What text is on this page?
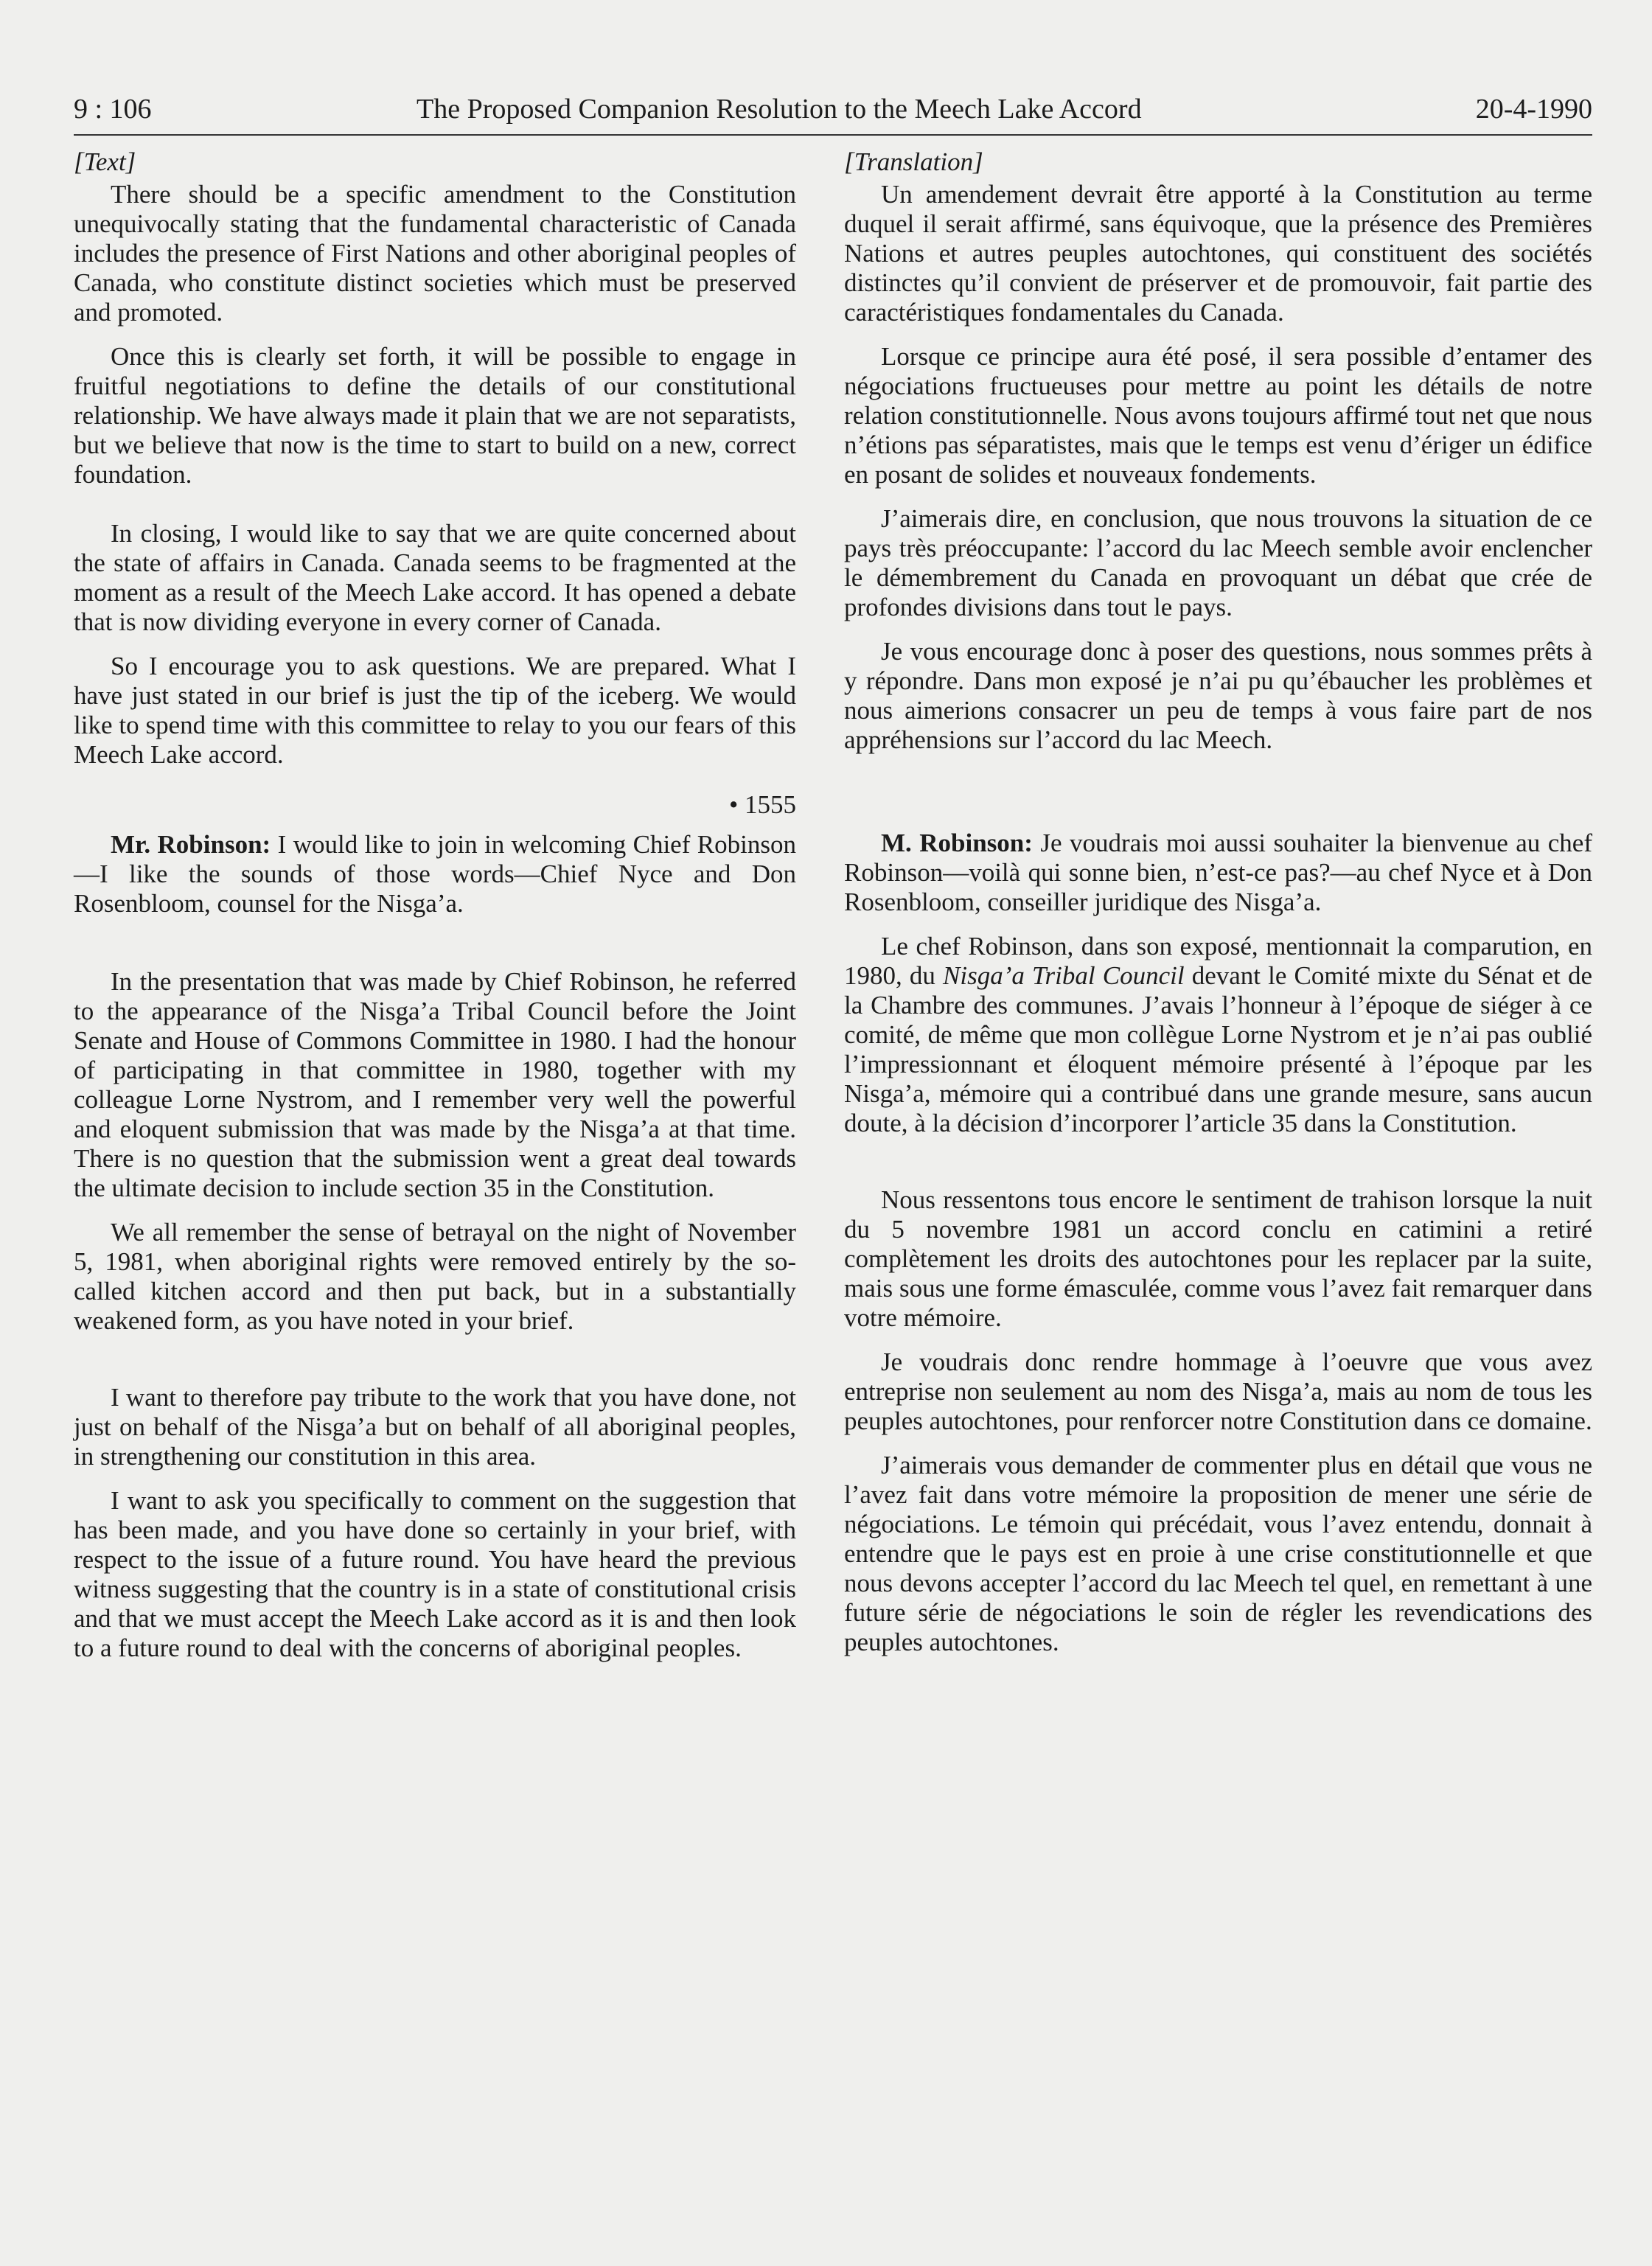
9 : 106	The Proposed Companion Resolution to the Meech Lake Accord	20-4-1990

[Text]

There should be a specific amendment to the Constitution unequivocally stating that the fundamental characteristic of Canada includes the presence of First Nations and other aboriginal peoples of Canada, who constitute distinct societies which must be preserved and promoted.

Once this is clearly set forth, it will be possible to engage in fruitful negotiations to define the details of our constitutional relationship. We have always made it plain that we are not separatists, but we believe that now is the time to start to build on a new, correct foundation.

In closing, I would like to say that we are quite concerned about the state of affairs in Canada. Canada seems to be fragmented at the moment as a result of the Meech Lake accord. It has opened a debate that is now dividing everyone in every corner of Canada.

So I encourage you to ask questions. We are prepared. What I have just stated in our brief is just the tip of the iceberg. We would like to spend time with this committee to relay to you our fears of this Meech Lake accord.

• 1555

Mr. Robinson: I would like to join in welcoming Chief Robinson—I like the sounds of those words—Chief Nyce and Don Rosenbloom, counsel for the Nisga’a.

In the presentation that was made by Chief Robinson, he referred to the appearance of the Nisga’a Tribal Council before the Joint Senate and House of Commons Committee in 1980. I had the honour of participating in that committee in 1980, together with my colleague Lorne Nystrom, and I remember very well the powerful and eloquent submission that was made by the Nisga’a at that time. There is no question that the submission went a great deal towards the ultimate decision to include section 35 in the Constitution.

We all remember the sense of betrayal on the night of November 5, 1981, when aboriginal rights were removed entirely by the so-called kitchen accord and then put back, but in a substantially weakened form, as you have noted in your brief.

I want to therefore pay tribute to the work that you have done, not just on behalf of the Nisga’a but on behalf of all aboriginal peoples, in strengthening our constitution in this area.

I want to ask you specifically to comment on the suggestion that has been made, and you have done so certainly in your brief, with respect to the issue of a future round. You have heard the previous witness suggesting that the country is in a state of constitutional crisis and that we must accept the Meech Lake accord as it is and then look to a future round to deal with the concerns of aboriginal peoples.

[Translation]

Un amendement devrait être apporté à la Constitution au terme duquel il serait affirmé, sans équivoque, que la présence des Premières Nations et autres peuples autochtones, qui constituent des sociétés distinctes qu’il convient de préserver et de promouvoir, fait partie des caractéristiques fondamentales du Canada.

Lorsque ce principe aura été posé, il sera possible d’entamer des négociations fructueuses pour mettre au point les détails de notre relation constitutionnelle. Nous avons toujours affirmé tout net que nous n’étions pas séparatistes, mais que le temps est venu d’ériger un édifice en posant de solides et nouveaux fondements.

J’aimerais dire, en conclusion, que nous trouvons la situation de ce pays très préoccupante: l’accord du lac Meech semble avoir enclencher le démembrement du Canada en provoquant un débat que crée de profondes divisions dans tout le pays.

Je vous encourage donc à poser des questions, nous sommes prêts à y répondre. Dans mon exposé je n’ai pu qu’ébaucher les problèmes et nous aimerions consacrer un peu de temps à vous faire part de nos appréhensions sur l’accord du lac Meech.

M. Robinson: Je voudrais moi aussi souhaiter la bienvenue au chef Robinson—voilà qui sonne bien, n’est-ce pas?—au chef Nyce et à Don Rosenbloom, conseiller juridique des Nisga’a.

Le chef Robinson, dans son exposé, mentionnait la comparution, en 1980, du Nisga’a Tribal Council devant le Comité mixte du Sénat et de la Chambre des communes. J’avais l’honneur à l’époque de siéger à ce comité, de même que mon collègue Lorne Nystrom et je n’ai pas oublié l’impressionnant et éloquent mémoire présenté à l’époque par les Nisga’a, mémoire qui a contribué dans une grande mesure, sans aucun doute, à la décision d’incorporer l’article 35 dans la Constitution.

Nous ressentons tous encore le sentiment de trahison lorsque la nuit du 5 novembre 1981 un accord conclu en catimini a retiré complètement les droits des autochtones pour les replacer par la suite, mais sous une forme émasculée, comme vous l’avez fait remarquer dans votre mémoire.

Je voudrais donc rendre hommage à l’oeuvre que vous avez entreprise non seulement au nom des Nisga’a, mais au nom de tous les peuples autochtones, pour renforcer notre Constitution dans ce domaine.

J’aimerais vous demander de commenter plus en détail que vous ne l’avez fait dans votre mémoire la proposition de mener une série de négociations. Le témoin qui précédait, vous l’avez entendu, donnait à entendre que le pays est en proie à une crise constitutionnelle et que nous devons accepter l’accord du lac Meech tel quel, en remettant à une future série de négociations le soin de régler les revendications des peuples autochtones.
